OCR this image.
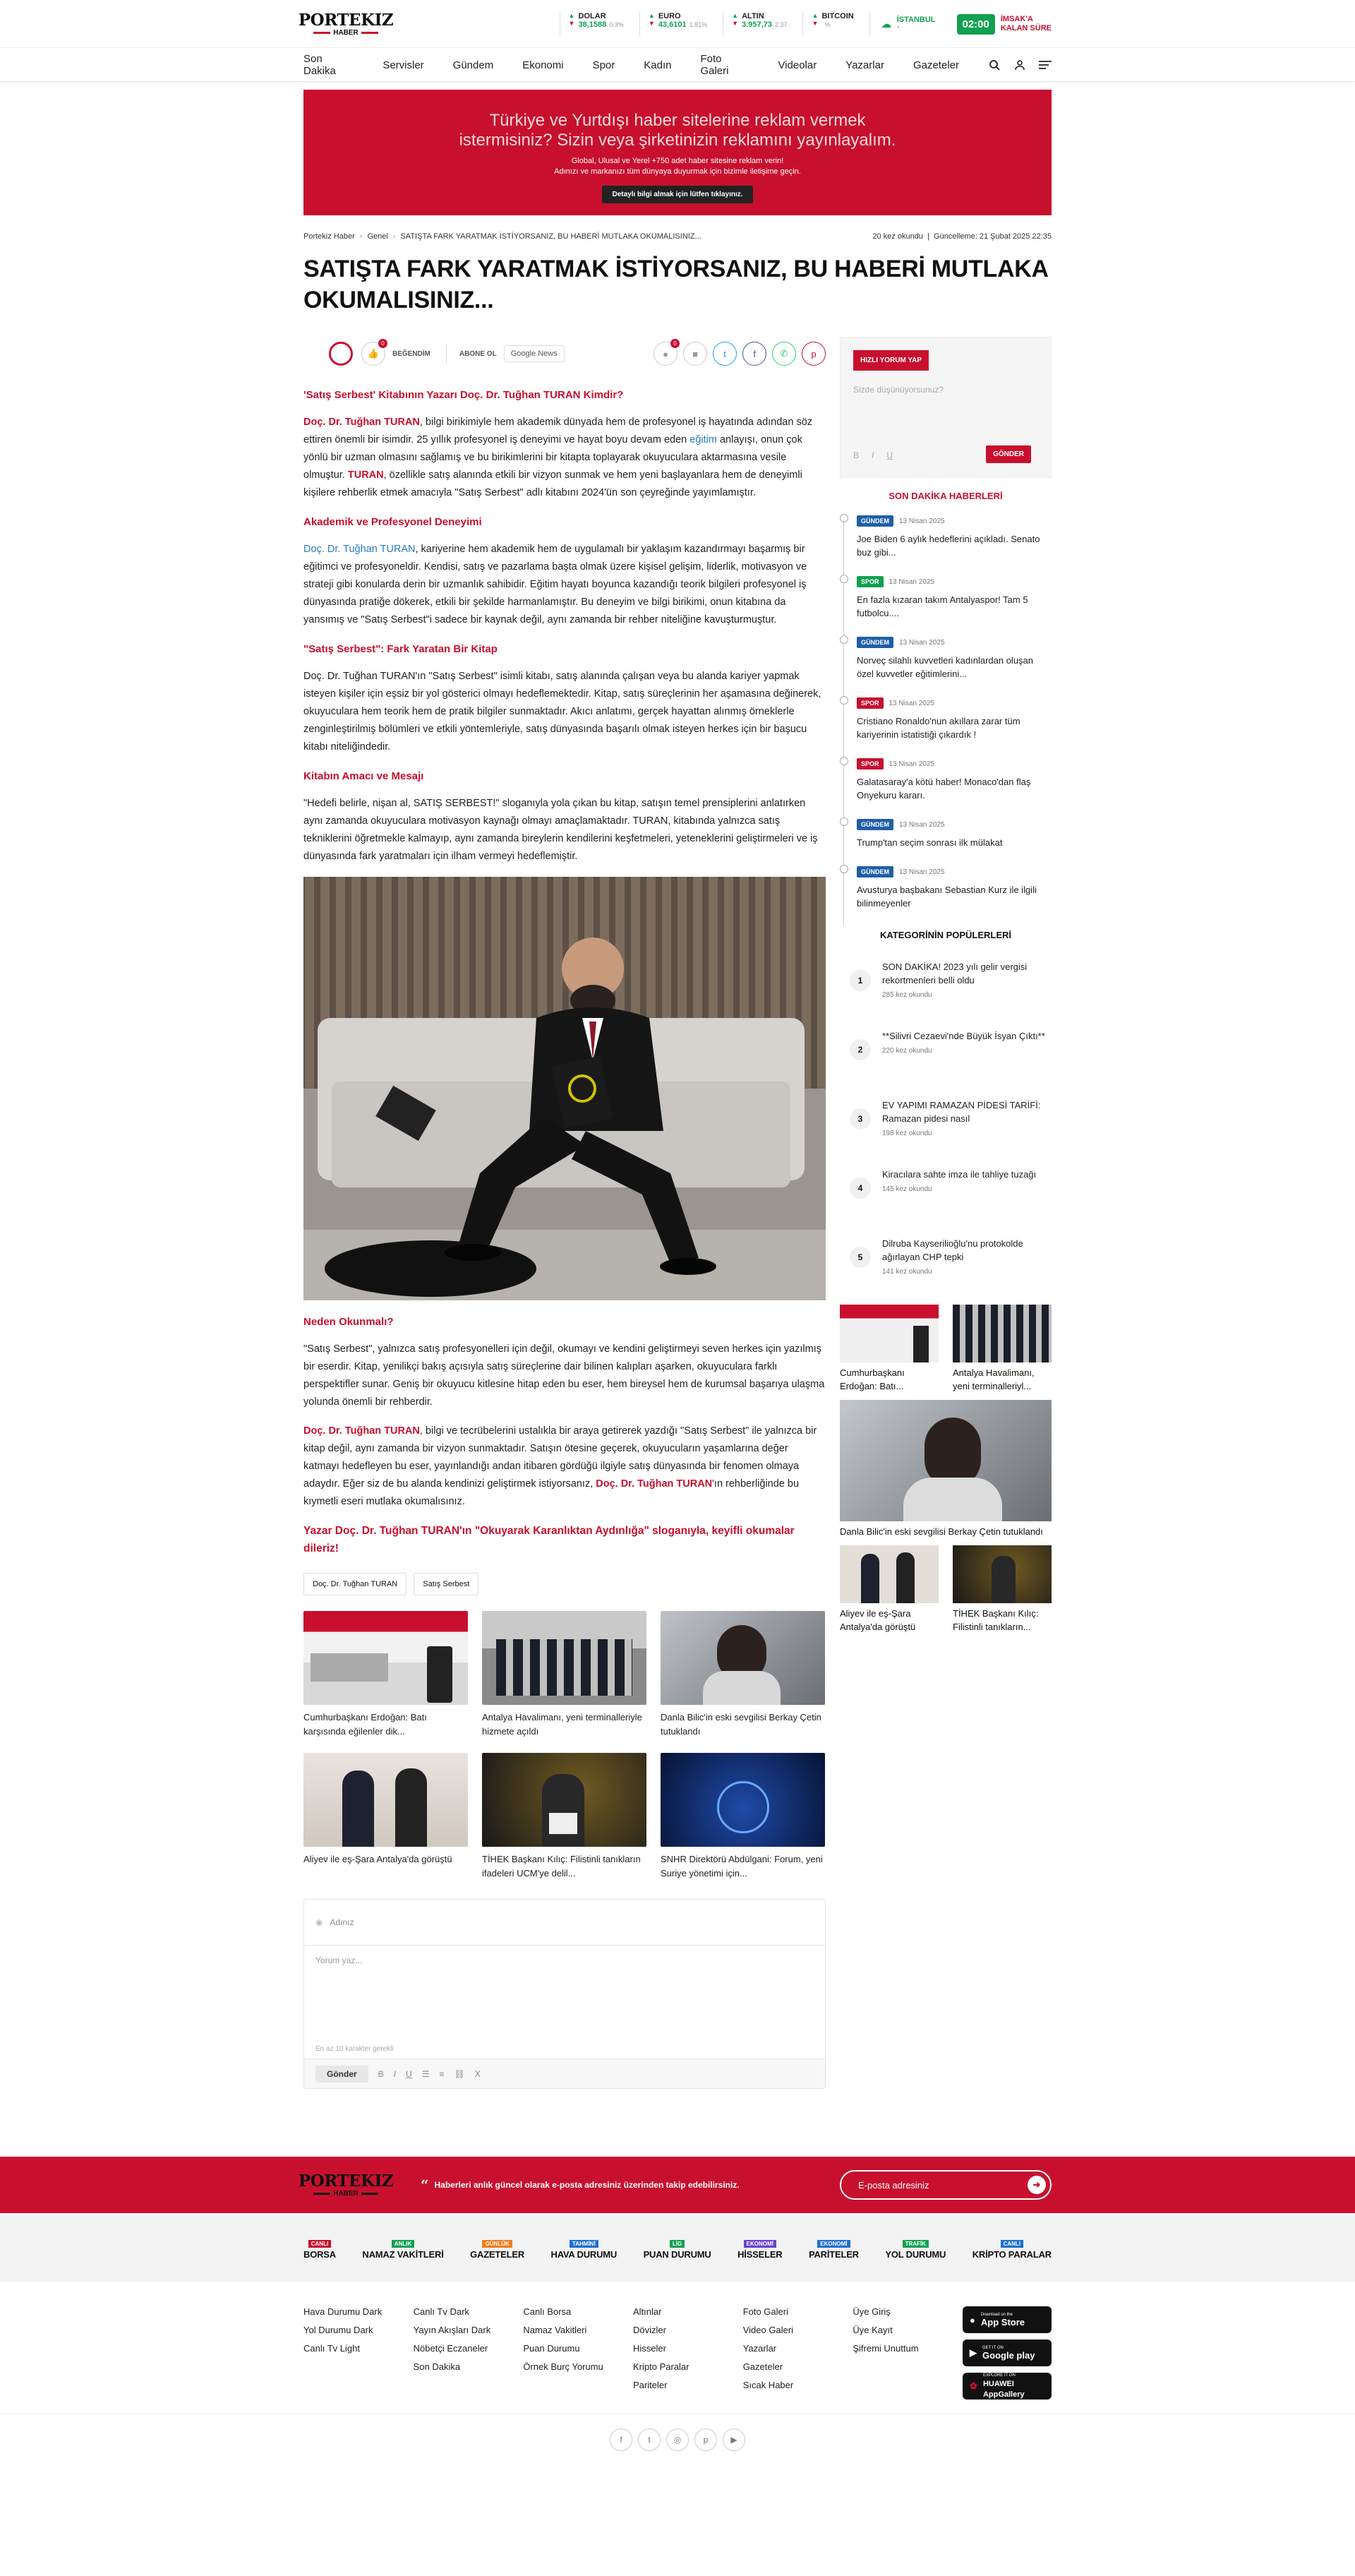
PORTEKIZ
HABER
▲
▼
DOLAR
38,1588 0.3%
▲
▼
EURO
43,6101 1.81%
▲
▼
ALTIN
3.957,73 2.37
▲
▼
BITCOIN
%	☁ İSTANBUL
°	02:00	İMSAK'A
KALAN SÜRE
Son Dakika	Servisler	Gündem	Ekonomi	Spor	Kadın	Foto Galeri	Videolar	Yazarlar	Gazeteler
Türkiye ve Yurtdışı haber sitelerine reklam vermek istermisiniz? Sizin veya şirketinizin reklamını yayınlayalım.
Global, Ulusal ve Yerel +750 adet haber sitesine reklam verin!
Adınızı ve markanızı tüm dünyaya duyurmak için bizimle iletişime geçin.
Detaylı bilgi almak için lütfen tıklayınız.
Portekiz Haber › Genel › SATIŞTA FARK YARATMAK İSTİYORSANIZ, BU HABERİ MUTLAKA OKUMALISINIZ...	20 kez okundu  |  Güncelleme: 21 Şubat 2025 22:35
SATIŞTA FARK YARATMAK İSTİYORSANIZ, BU HABERİ MUTLAKA OKUMALISINIZ...
👍
0
BEĞENDİM	ABONE OL	Google News	●
0
■	t	f	✆	p
'Satış Serbest' Kitabının Yazarı Doç. Dr. Tuğhan TURAN Kimdir?

Doç. Dr. Tuğhan TURAN, bilgi birikimiyle hem akademik dünyada hem de profesyonel iş hayatında adından söz ettiren önemli bir isimdir. 25 yıllık profesyonel iş deneyimi ve hayat boyu devam eden eğitim anlayışı, onun çok yönlü bir uzman olmasını sağlamış ve bu birikimlerini bir kitapta toplayarak okuyuculara aktarmasına vesile olmuştur. TURAN, özellikle satış alanında etkili bir vizyon sunmak ve hem yeni başlayanlara hem de deneyimli kişilere rehberlik etmek amacıyla "Satış Serbest" adlı kitabını 2024'ün son çeyreğinde yayımlamıştır.

Akademik ve Profesyonel Deneyimi

Doç. Dr. Tuğhan TURAN, kariyerine hem akademik hem de uygulamalı bir yaklaşım kazandırmayı başarmış bir eğitimci ve profesyoneldir. Kendisi, satış ve pazarlama başta olmak üzere kişisel gelişim, liderlik, motivasyon ve strateji gibi konularda derin bir uzmanlık sahibidir. Eğitim hayatı boyunca kazandığı teorik bilgileri profesyonel iş dünyasında pratiğe dökerek, etkili bir şekilde harmanlamıştır. Bu deneyim ve bilgi birikimi, onun kitabına da yansımış ve "Satış Serbest"i sadece bir kaynak değil, aynı zamanda bir rehber niteliğine kavuşturmuştur.

"Satış Serbest": Fark Yaratan Bir Kitap

Doç. Dr. Tuğhan TURAN'ın "Satış Serbest" isimli kitabı, satış alanında çalışan veya bu alanda kariyer yapmak isteyen kişiler için eşsiz bir yol gösterici olmayı hedeflemektedir. Kitap, satış süreçlerinin her aşamasına değinerek, okuyuculara hem teorik hem de pratik bilgiler sunmaktadır. Akıcı anlatımı, gerçek hayattan alınmış örneklerle zenginleştirilmiş bölümleri ve etkili yöntemleriyle, satış dünyasında başarılı olmak isteyen herkes için bir başucu kitabı niteliğindedir.

Kitabın Amacı ve Mesajı

"Hedefi belirle, nişan al, SATIŞ SERBEST!" sloganıyla yola çıkan bu kitap, satışın temel prensiplerini anlatırken aynı zamanda okuyuculara motivasyon kaynağı olmayı amaçlamaktadır. TURAN, kitabında yalnızca satış tekniklerini öğretmekle kalmayıp, aynı zamanda bireylerin kendilerini keşfetmeleri, yeteneklerini geliştirmeleri ve iş dünyasında fark yaratmaları için ilham vermeyi hedeflemiştir.

Neden Okunmalı?

"Satış Serbest", yalnızca satış profesyonelleri için değil, okumayı ve kendini geliştirmeyi seven herkes için yazılmış bir eserdir. Kitap, yenilikçi bakış açısıyla satış süreçlerine dair bilinen kalıpları aşarken, okuyuculara farklı perspektifler sunar. Geniş bir okuyucu kitlesine hitap eden bu eser, hem bireysel hem de kurumsal başarıya ulaşma yolunda önemli bir rehberdir.

Doç. Dr. Tuğhan TURAN, bilgi ve tecrübelerini ustalıkla bir araya getirerek yazdığı "Satış Serbest" ile yalnızca bir kitap değil, aynı zamanda bir vizyon sunmaktadır. Satışın ötesine geçerek, okuyucuların yaşamlarına değer katmayı hedefleyen bu eser, yayınlandığı andan itibaren gördüğü ilgiyle satış dünyasında bir fenomen olmaya adaydır. Eğer siz de bu alanda kendinizi geliştirmek istiyorsanız, Doç. Dr. Tuğhan TURAN'ın rehberliğinde bu kıymetli eseri mutlaka okumalısınız.

Yazar Doç. Dr. Tuğhan TURAN'ın "Okuyarak Karanlıktan Aydınlığa" sloganıyla, keyifli okumalar dileriz!
Doç. Dr. Tuğhan TURAN	Satış Serbest
Cumhurbaşkanı Erdoğan: Batı karşısında eğilenler dik...
Antalya Havalimanı, yeni terminalleriyle hizmete açıldı
Danla Bilic'in eski sevgilisi Berkay Çetin tutuklandı
Aliyev ile eş-Şara Antalya'da görüştü	TİHEK Başkanı Kılıç: Filistinli tanıkların ifadeleri UCM'ye delil...
SNHR Direktörü Abdülgani: Forum, yeni Suriye yönetimi için...
◉ Adınız
Yorum yaz...
En az 10 karakter gerekli
Gönder	B I U ☰ ≡ ⛓ Ⅹ
HIZLI YORUM YAP
Sizde düşünüyorsunuz?
B I U	GÖNDER
SON DAKİKA HABERLERİ
GÜNDEM 13 Nisan 2025
Joe Biden 6 aylık hedeflerini açıkladı. Senato buz gibi...
SPOR 13 Nisan 2025
En fazla kızaran takım Antalyaspor! Tam 5 futbolcu....
GÜNDEM 13 Nisan 2025
Norveç silahlı kuvvetleri kadınlardan oluşan özel kuvvetler eğitimlerini...
SPOR 13 Nisan 2025
Cristiano Ronaldo'nun akıllara zarar tüm kariyerinin istatistiği çıkardık !
SPOR 13 Nisan 2025
Galatasaray'a kötü haber! Monaco'dan flaş Onyekuru kararı.
GÜNDEM 13 Nisan 2025
Trump'tan seçim sonrası ilk mülakat
GÜNDEM 13 Nisan 2025
Avusturya başbakanı Sebastian Kurz ile ilgili bilinmeyenler
KATEGORİNİN POPÜLERLERİ
1
SON DAKİKA! 2023 yılı gelir vergisi rekortmenleri belli oldu
285 kez okundu
2
**Silivri Cezaevi'nde Büyük İsyan Çıktı**
220 kez okundu
3
EV YAPIMI RAMAZAN PİDESİ TARİFİ: Ramazan pidesi nasıl
198 kez okundu
4
Kiracılara sahte imza ile tahliye tuzağı
145 kez okundu
5
Dilruba Kayserilioğlu'nu protokolde ağırlayan CHP tepki
141 kez okundu
Cumhurbaşkanı Erdoğan: Batı...
Antalya Havalimanı, yeni terminalleriyl...
Danla Bilic'in eski sevgilisi Berkay Çetin tutuklandı
Aliyev ile eş-Şara Antalya'da görüştü
TİHEK Başkanı Kılıç: Filistinli tanıkların...
PORTEKIZ
HABER	“ Haberleri anlık güncel olarak e-posta adresiniz üzerinden takip edebilirsiniz.	E-posta adresiniz	➜
CANLI
BORSA
ANLIK
NAMAZ VAKİTLERİ
GÜNLÜK
GAZETELER
TAHMİNİ
HAVA DURUMU
LİG
PUAN DURUMU
EKONOMİ
HİSSELER
EKONOMİ
PARİTELER
TRAFİK
YOL DURUMU
CANLI
KRİPTO PARALAR
Hava Durumu Dark
Yol Durumu Dark
Canlı Tv Light
Canlı Tv Dark
Yayın Akışları Dark
Nöbetçi Eczaneler
Son Dakika
Canlı Borsa
Namaz Vakitleri
Puan Durumu
Örnek Burç Yorumu
Altınlar
Dövizler
Hisseler
Kripto Paralar
Pariteler
Foto Galeri
Video Galeri
Yazarlar
Gazeteler
Sıcak Haber
Üye Giriş
Üye Kayıt
Şifremi Unuttum
● Download on the
App Store
▶ GET IT ON
Google play
✿
EXPLORE IT ON
HUAWEI AppGallery
f	t	◎	p	▶
